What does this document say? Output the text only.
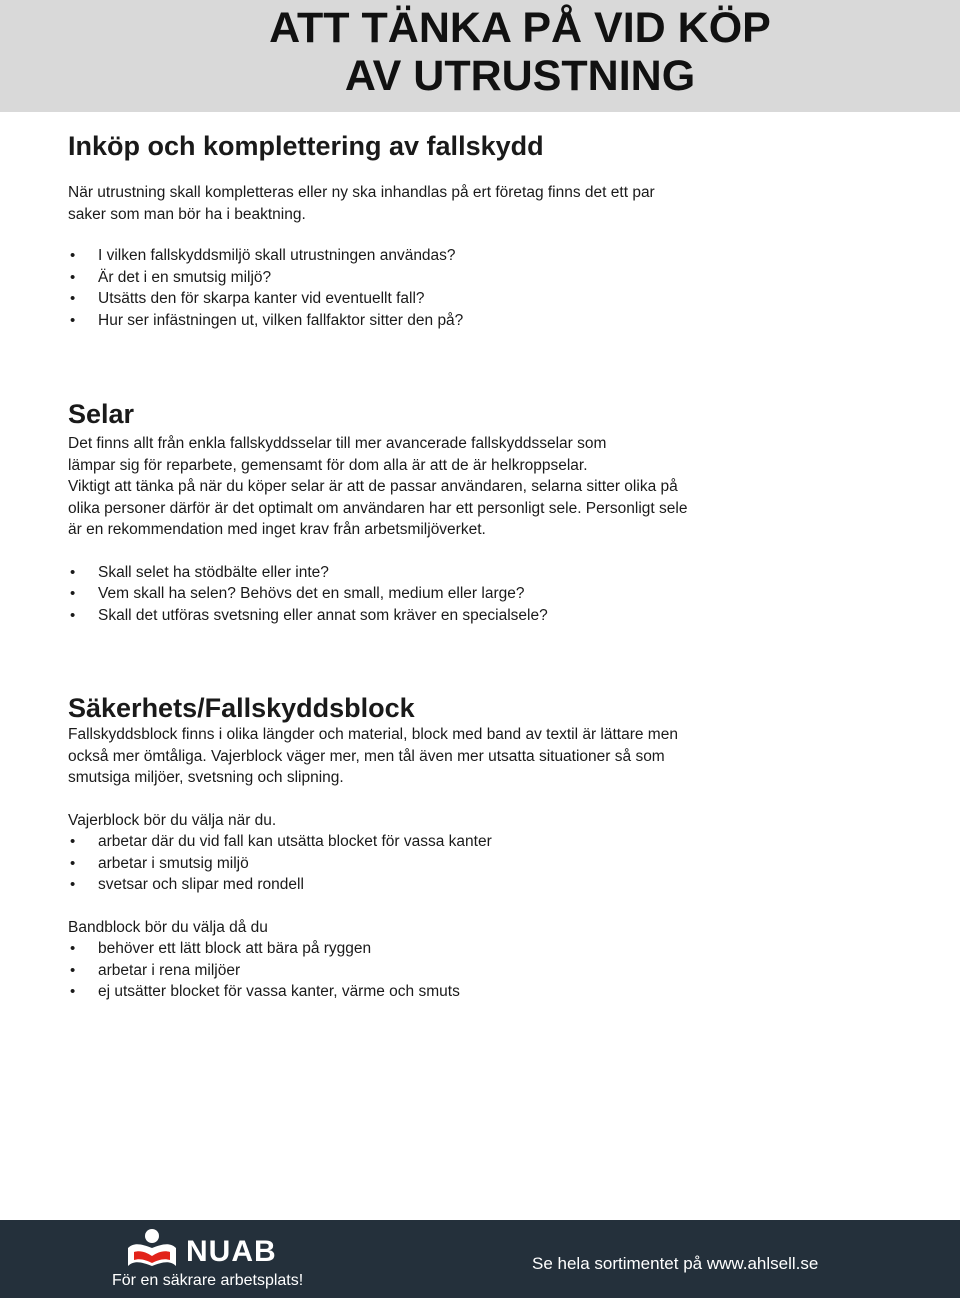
ATT TÄNKA PÅ VID KÖP
AV UTRUSTNING
Inköp och komplettering av fallskydd

När utrustning skall kompletteras eller ny ska inhandlas på ert företag finns det ett par

saker som man bör ha i beaktning.

• I vilken fallskyddsmiljö skall utrustningen användas?
• Är det i en smutsig miljö?
• Utsätts den för skarpa kanter vid eventuellt fall?
• Hur ser infästningen ut, vilken fallfaktor sitter den på?
Selar

Det finns allt från enkla fallskyddsselar till mer avancerade fallskyddsselar som

lämpar sig för reparbete, gemensamt för dom alla är att de är helkroppselar.

Viktigt att tänka på när du köper selar är att de passar användaren, selarna sitter olika på

olika personer därför är det optimalt om användaren har ett personligt sele. Personligt sele

är en rekommendation med inget krav från arbetsmiljöverket.

• Skall selet ha stödbälte eller inte?
• Vem skall ha selen? Behövs det en small, medium eller large?
• Skall det utföras svetsning eller annat som kräver en specialsele?
Säkerhets/Fallskyddsblock

Fallskyddsblock finns i olika längder och material, block med band av textil är lättare men

också mer ömtåliga. Vajerblock väger mer, men tål även mer utsatta situationer så som

smutsiga miljöer, svetsning och slipning.

Vajerblock bör du välja när du.

• arbetar där du vid fall kan utsätta blocket för vassa kanter
• arbetar i smutsig miljö
• svetsar och slipar med rondell

Bandblock bör du välja då du

• behöver ett lätt block att bära på ryggen
• arbetar i rena miljöer
• ej utsätter blocket för vassa kanter, värme och smuts
NUAB
För en säkrare arbetsplats!
Se hela sortimentet på www.ahlsell.se
